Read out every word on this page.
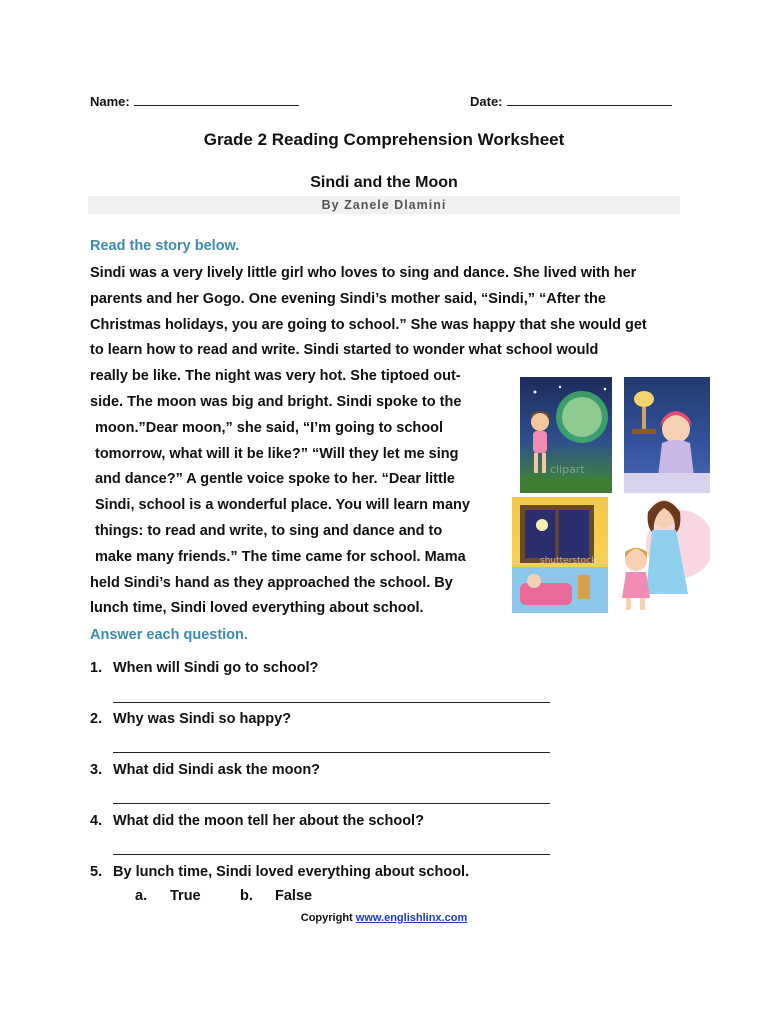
Name:	Date:
Grade 2 Reading Comprehension Worksheet
Sindi and the Moon
By Zanele Dlamini
Read the story below.
Sindi was a very lively little girl who loves to sing and dance. She lived with her
parents and her Gogo. One evening Sindi’s mother said, “Sindi,” “After the
Christmas holidays, you are going to school.” She was happy that she would get
to learn how to read and write. Sindi started to wonder what school would
really be like. The night was very hot. She tiptoed out-
side. The moon was big and bright. Sindi spoke to the
moon.”Dear moon,” she said, “I’m going to school
tomorrow, what will it be like?” “Will they let me sing
and dance?” A gentle voice spoke to her. “Dear little
Sindi, school is a wonderful place. You will learn many
things: to read and write, to sing and dance and to
make many friends.” The time came for school. Mama
held Sindi’s hand as they approached the school. By
lunch time, Sindi loved everything about school.
clipart
shutterstock
Answer each question.
1. When will Sindi go to school?
2. Why was Sindi so happy?
3. What did Sindi ask the moon?
4. What did the moon tell her about the school?
5. By lunch time, Sindi loved everything about school.
a. True	b. False
Copyright www.englishlinx.com
